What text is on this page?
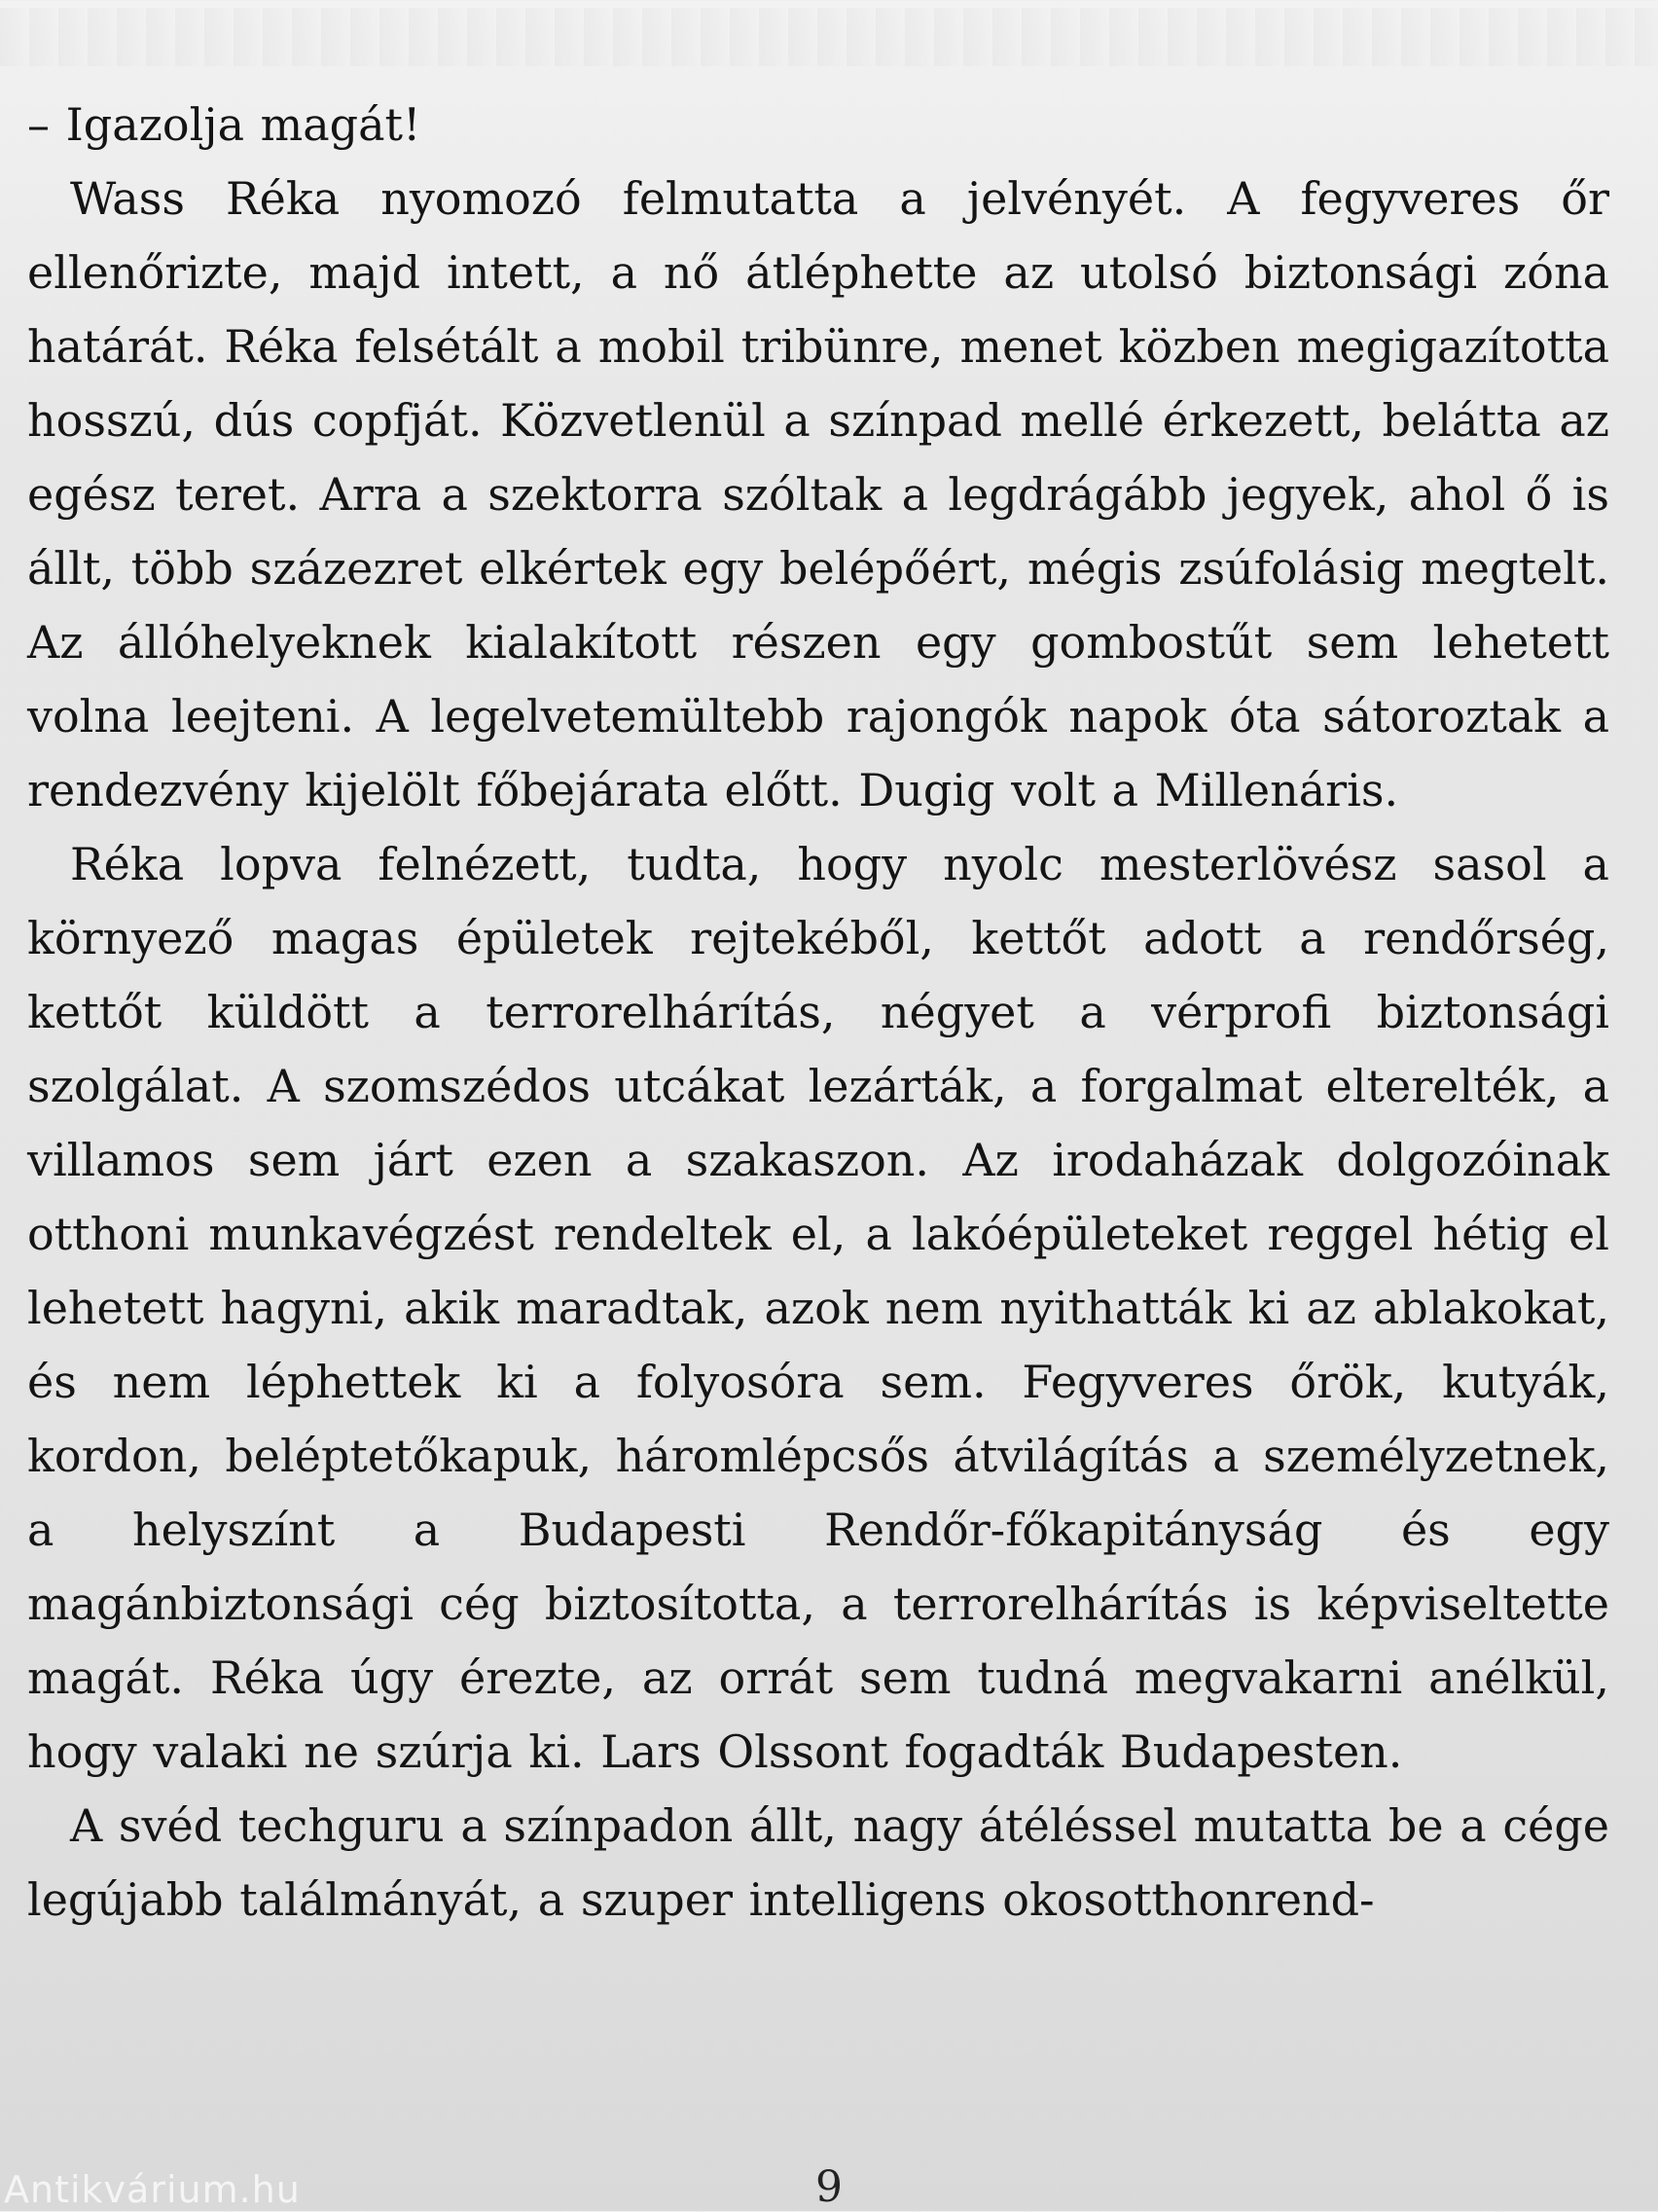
– Igazolja magát!

Wass Réka nyomozó felmutatta a jelvényét. A fegyveres őr ellenőrizte, majd intett, a nő átléphette az utolsó biztonsági zóna határát. Réka felsétált a mobil tribünre, menet közben megigazította hosszú, dús copfját. Közvetlenül a színpad mellé érkezett, belátta az egész teret. Arra a szektorra szóltak a legdrágább jegyek, ahol ő is állt, több százezret elkértek egy belépőért, mégis zsúfolásig megtelt. Az állóhelyeknek kialakított részen egy gombostűt sem lehetett volna leejteni. A legelvetemültebb rajongók napok óta sátoroztak a rendezvény kijelölt főbejárata előtt. Dugig volt a Millenáris.

Réka lopva felnézett, tudta, hogy nyolc mesterlövész sasol a környező magas épületek rejtekéből, kettőt adott a rendőrség, kettőt küldött a terrorelhárítás, négyet a vérprofi biztonsági szolgálat. A szomszédos utcákat lezárták, a forgalmat elterelték, a villamos sem járt ezen a szakaszon. Az irodaházak dolgozóinak otthoni munkavégzést rendeltek el, a lakóépületeket reggel hétig el lehetett hagyni, akik maradtak, azok nem nyithatták ki az ablakokat, és nem léphettek ki a folyosóra sem. Fegyveres őrök, kutyák, kordon, beléptetőkapuk, háromlépcsős átvilágítás a személyzetnek, a helyszínt a Budapesti Rendőr-főkapitányság és egy magánbiztonsági cég biztosította, a terrorelhárítás is képviseltette magát. Réka úgy érezte, az orrát sem tudná megvakarni anélkül, hogy valaki ne szúrja ki. Lars Olssont fogadták Budapesten.

A svéd techguru a színpadon állt, nagy átéléssel mutatta be a cége legújabb találmányát, a szuper intelligens okosotthonrend-

9
Antikvárium.hu
